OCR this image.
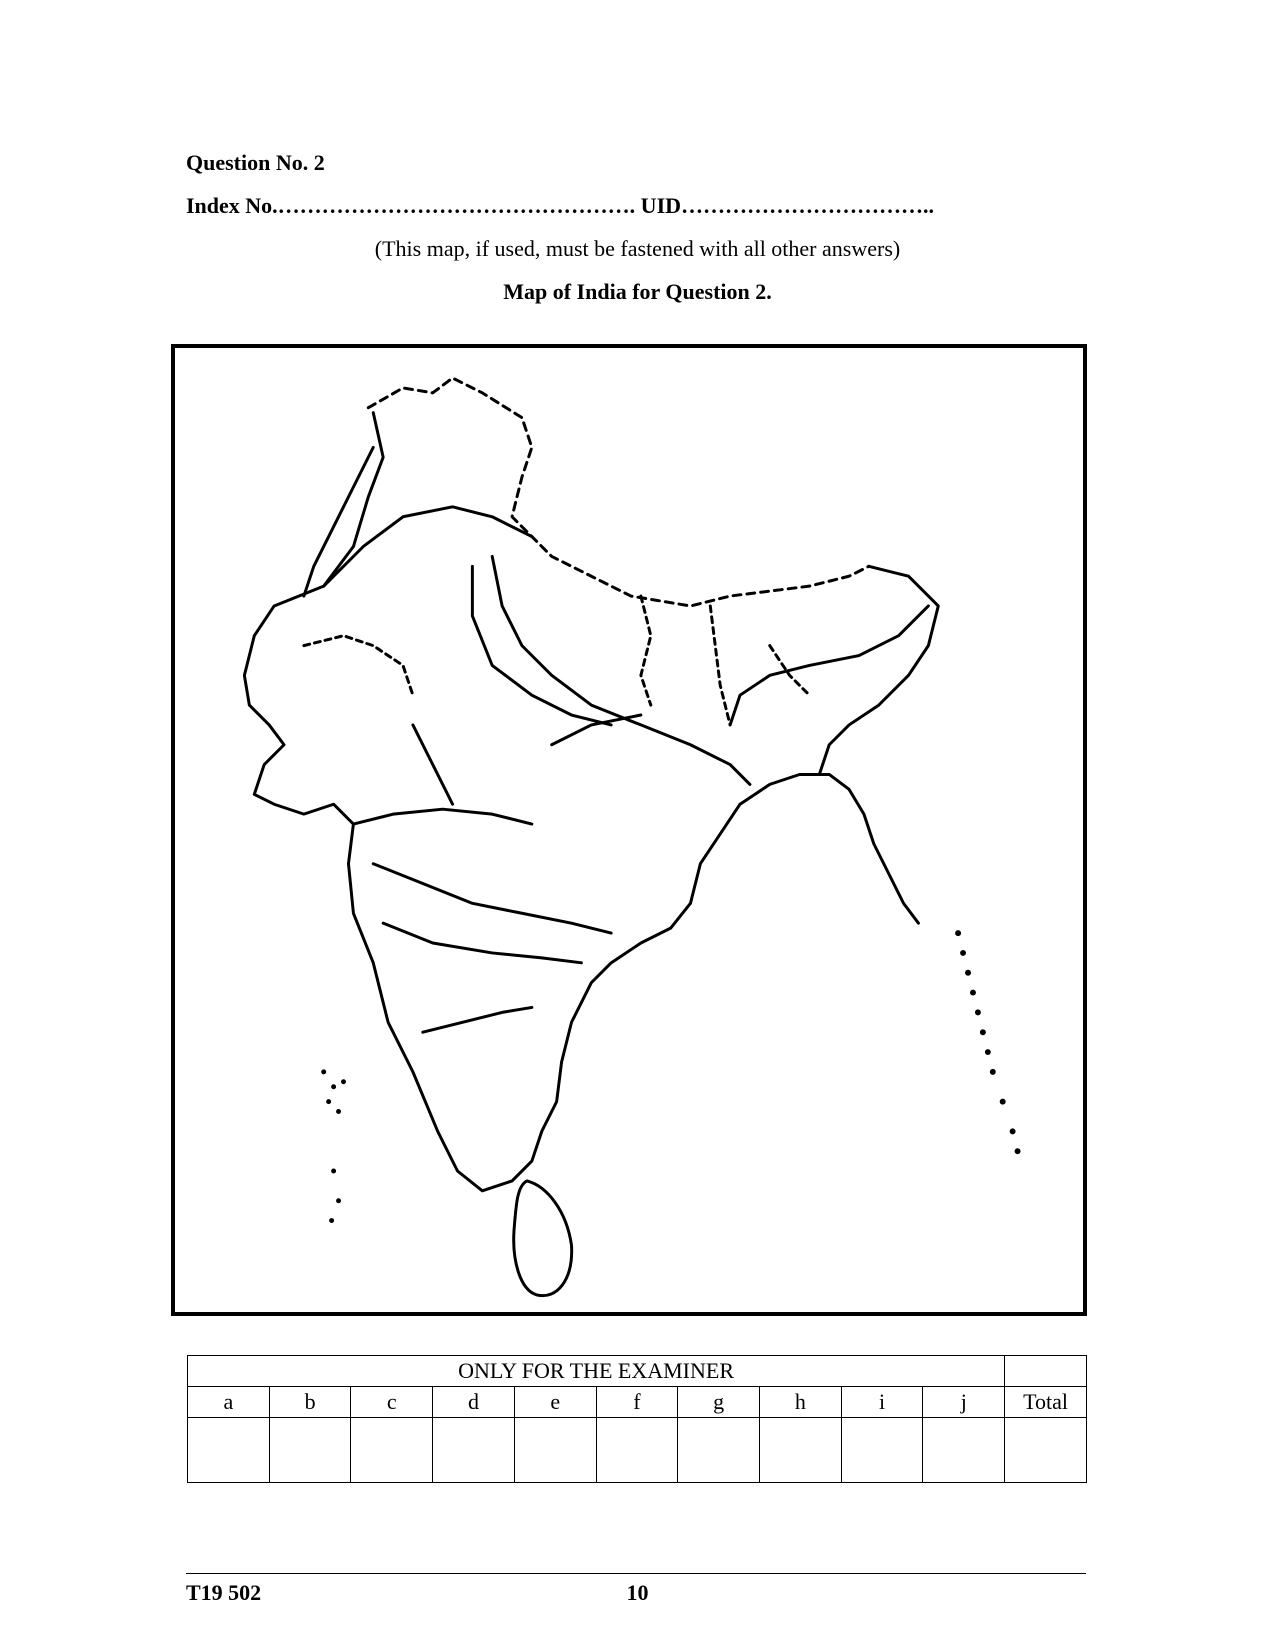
Question No. 2
Index No.…………………………………………. UID……………………………..
(This map, if used, must be fastened with all other answers)
Map of India for Question 2.
ONLY FOR THE EXAMINER										
a	b	c	d	e	f	g	h	i	j	Total

T19 502	10
